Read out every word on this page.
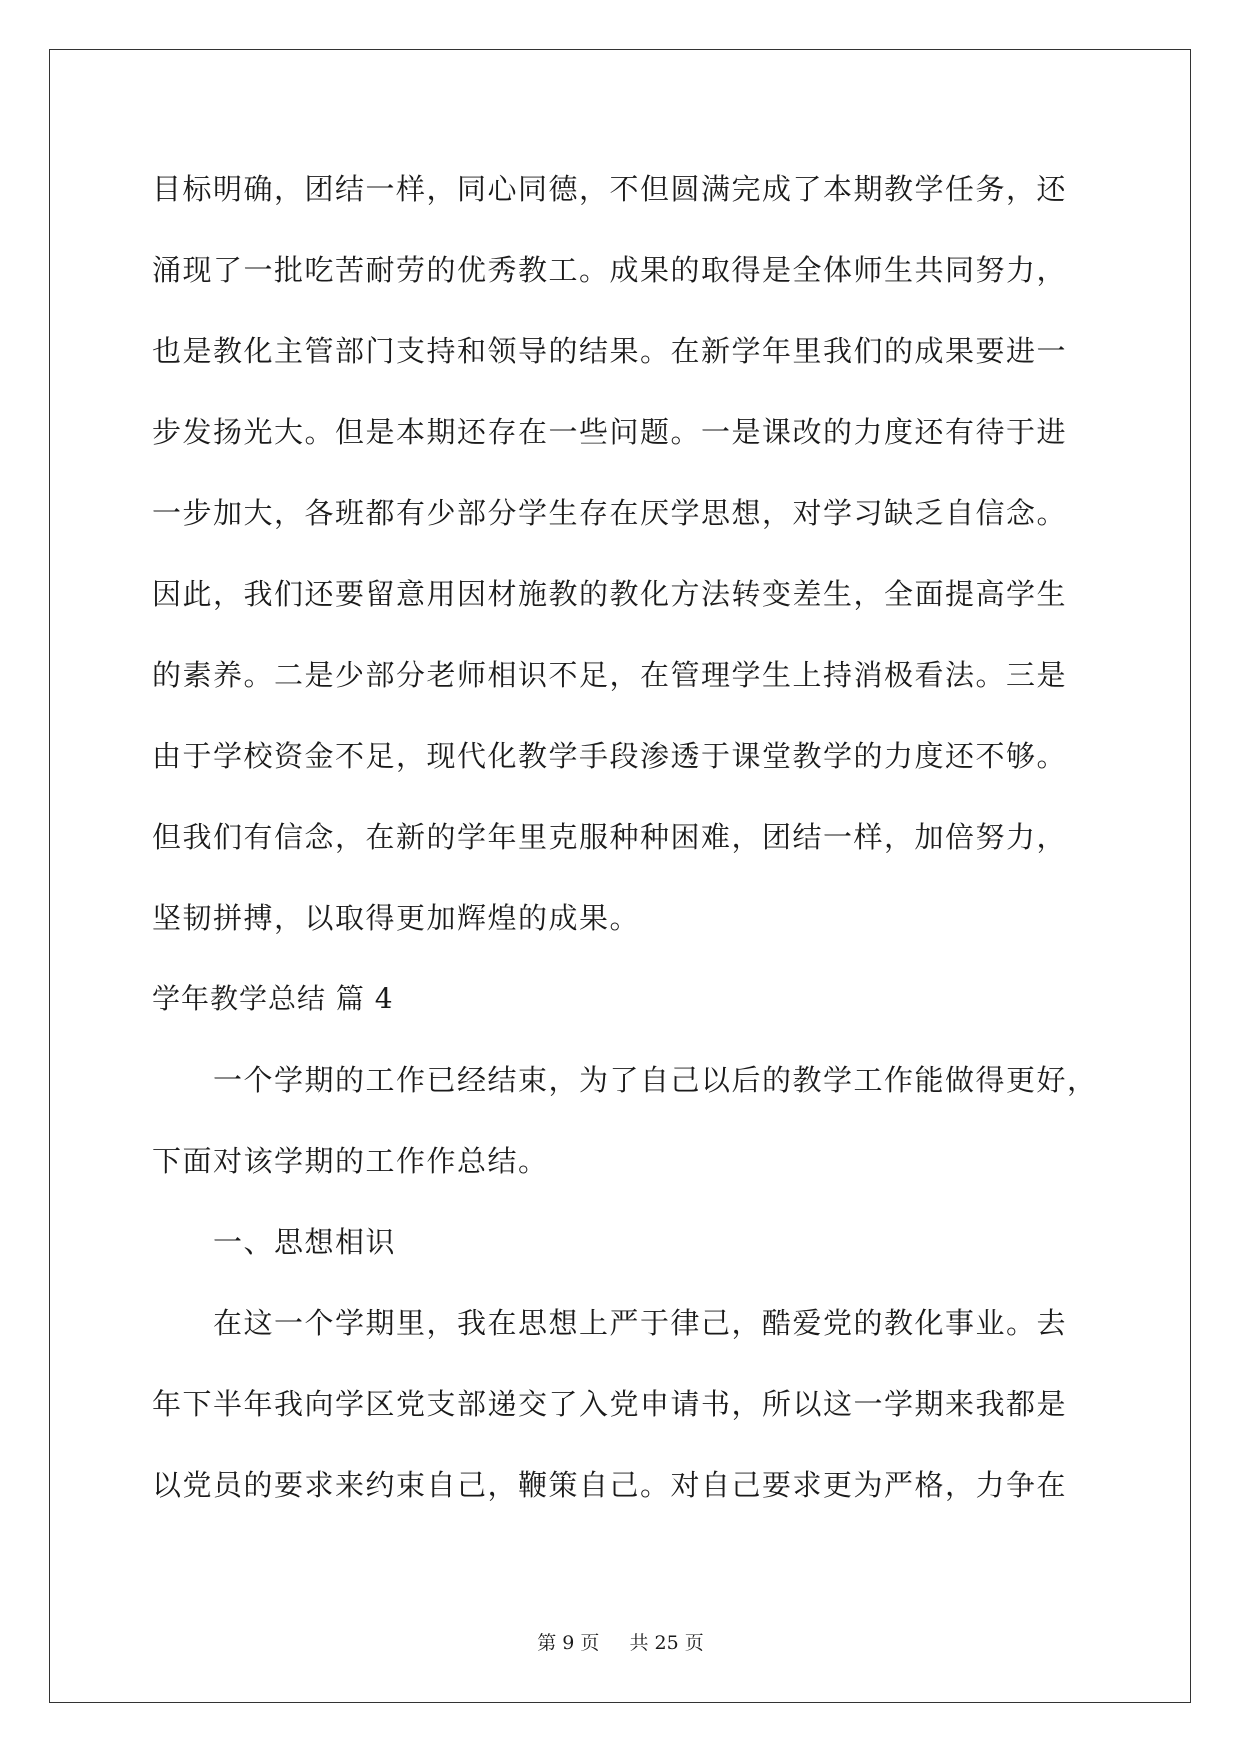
目标明确，团结一样，同心同德，不但圆满完成了本期教学任务，还
涌现了一批吃苦耐劳的优秀教工。成果的取得是全体师生共同努力，
也是教化主管部门支持和领导的结果。在新学年里我们的成果要进一
步发扬光大。但是本期还存在一些问题。一是课改的力度还有待于进
一步加大，各班都有少部分学生存在厌学思想，对学习缺乏自信念。
因此，我们还要留意用因材施教的教化方法转变差生，全面提高学生
的素养。二是少部分老师相识不足，在管理学生上持消极看法。三是
由于学校资金不足，现代化教学手段渗透于课堂教学的力度还不够。
但我们有信念，在新的学年里克服种种困难，团结一样，加倍努力，
坚韧拼搏，以取得更加辉煌的成果。
学年教学总结 篇 4
一个学期的工作已经结束，为了自己以后的教学工作能做得更好，
下面对该学期的工作作总结。
一、思想相识
在这一个学期里，我在思想上严于律己，酷爱党的教化事业。去
年下半年我向学区党支部递交了入党申请书，所以这一学期来我都是
以党员的要求来约束自己，鞭策自己。对自己要求更为严格，力争在
第 9 页 共 25 页
